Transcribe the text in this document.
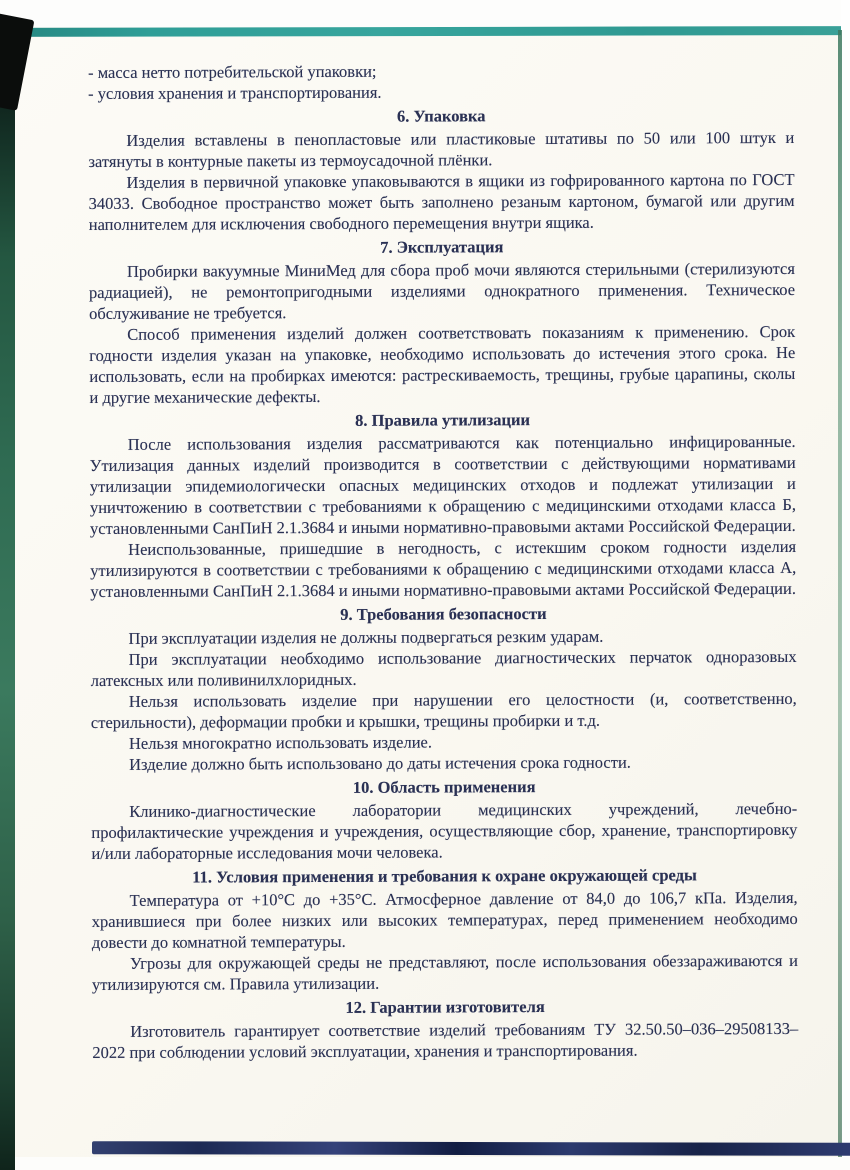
- масса нетто потребительской упаковки;

- условия хранения и транспортирования.

6. Упаковка

Изделия вставлены в пенопластовые или пластиковые штативы по 50 или 100 штук и затянуты в контурные пакеты из термоусадочной плёнки.

Изделия в первичной упаковке упаковываются в ящики из гофрированного картона по ГОСТ 34033. Свободное пространство может быть заполнено резаным картоном, бумагой или другим наполнителем для исключения свободного перемещения внутри ящика.

7. Эксплуатация

Пробирки вакуумные МиниМед для сбора проб мочи являются стерильными (стерилизуются радиацией), не ремонтопригодными изделиями однократного применения. Техническое обслуживание не требуется.

Способ применения изделий должен соответствовать показаниям к применению. Срок годности изделия указан на упаковке, необходимо использовать до истечения этого срока. Не использовать, если на пробирках имеются: растрескиваемость, трещины, грубые царапины, сколы и другие механические дефекты.

8. Правила утилизации

После использования изделия рассматриваются как потенциально инфицированные. Утилизация данных изделий производится в соответствии с действующими нормативами утилизации эпидемиологически опасных медицинских отходов и подлежат утилизации и уничтожению в соответствии с требованиями к обращению с медицинскими отходами класса Б, установленными СанПиН 2.1.3684 и иными нормативно-правовыми актами Российской Федерации.

Неиспользованные, пришедшие в негодность, с истекшим сроком годности изделия утилизируются в соответствии с требованиями к обращению с медицинскими отходами класса А, установленными СанПиН 2.1.3684 и иными нормативно-правовыми актами Российской Федерации.

9. Требования безопасности

При эксплуатации изделия не должны подвергаться резким ударам.

При эксплуатации необходимо использование диагностических перчаток одноразовых латексных или поливинилхлоридных.

Нельзя использовать изделие при нарушении его целостности (и, соответственно, стерильности), деформации пробки и крышки, трещины пробирки и т.д.

Нельзя многократно использовать изделие.

Изделие должно быть использовано до даты истечения срока годности.

10. Область применения

Клинико-диагностические лаборатории медицинских учреждений, лечебно-профилактические учреждения и учреждения, осуществляющие сбор, хранение, транспортировку и/или лабораторные исследования мочи человека.

11. Условия применения и требования к охране окружающей среды

Температура от +10°С до +35°С. Атмосферное давление от 84,0 до 106,7 кПа. Изделия, хранившиеся при более низких или высоких температурах, перед применением необходимо довести до комнатной температуры.

Угрозы для окружающей среды не представляют, после использования обеззараживаются и утилизируются см. Правила утилизации.

12. Гарантии изготовителя

Изготовитель гарантирует соответствие изделий требованиям ТУ 32.50.50–036–29508133–2022 при соблюдении условий эксплуатации, хранения и транспортирования.
